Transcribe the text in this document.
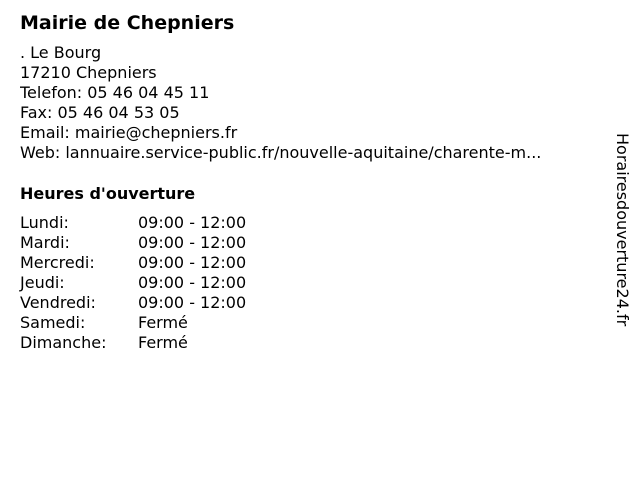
Mairie de Chepniers
. Le Bourg
17210 Chepniers
Telefon: 05 46 04 45 11
Fax: 05 46 04 53 05
Email: mairie@chepniers.fr
Web: lannuaire.service-public.fr/nouvelle-aquitaine/charente-m...
Heures d'ouverture
Lundi:	09:00 - 12:00
Mardi:	09:00 - 12:00
Mercredi:	09:00 - 12:00
Jeudi:	09:00 - 12:00
Vendredi:	09:00 - 12:00
Samedi:	Fermé
Dimanche: Fermé
Horairesdouverture24.fr
